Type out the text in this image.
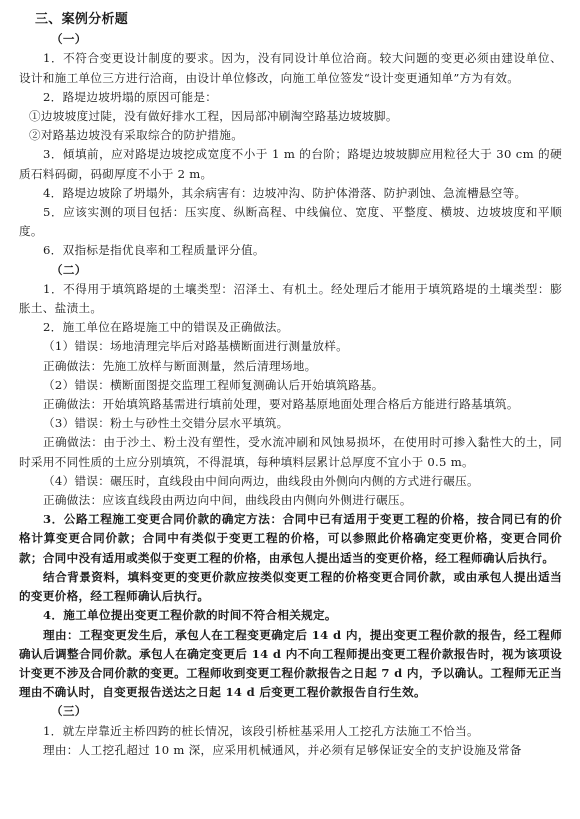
三、案例分析题

（一）

1．不符合变更设计制度的要求。因为，没有同设计单位洽商。较大问题的变更必须由建设单位、设计和施工单位三方进行洽商，由设计单位修改，向施工单位签发“设计变更通知单”方为有效。

2．路堤边坡坍塌的原因可能是：

①边坡坡度过陡，没有做好排水工程，因局部冲刷淘空路基边坡坡脚。

②对路基边坡没有采取综合的防护措施。

3．傾填前，应对路堤边坡挖成宽度不小于 1 m 的台阶；路堤边坡坡脚应用粒径大于 30 cm 的硬质石料码砌，码砌厚度不小于 2 m。

4．路堤边坡除了坍塌外，其余病害有：边坡冲沟、防护体滑落、防护剥蚀、急流槽悬空等。

5．应该实测的项目包括：压实度、纵断高程、中线偏位、宽度、平整度、横坡、边坡坡度和平顺度。

6．双指标是指优良率和工程质量评分值。

（二）

1．不得用于填筑路堤的土壤类型：沼泽土、有机土。经处理后才能用于填筑路堤的土壤类型：膨胀土、盐渍土。

2．施工单位在路堤施工中的错误及正确做法。

（1）错误：场地清理完毕后对路基横断面进行测量放样。

正确做法：先施工放样与断面测量，然后清理场地。

（2）错误：横断面图提交监理工程师复测确认后开始填筑路基。

正确做法：开始填筑路基需进行填前处理，要对路基原地面处理合格后方能进行路基填筑。

（3）错误：粉土与砂性土交错分层水平填筑。

正确做法：由于沙土、粉土没有塑性，受水流冲刷和风蚀易损坏，在使用时可掺入黏性大的土，同时采用不同性质的土应分别填筑，不得混填，每种填料层累计总厚度不宜小于 0.5 m。

（4）错误：碾压时，直线段由中间向两边，曲线段由外侧向内侧的方式进行碾压。

正确做法：应该直线段由两边向中间，曲线段由内侧向外侧进行碾压。

3．公路工程施工变更合同价款的确定方法：合同中已有适用于变更工程的价格，按合同已有的价格计算变更合同价款；合同中有类似于变更工程的价格，可以参照此价格确定变更价格，变更合同价款；合同中没有适用或类似于变更工程的价格，由承包人提出适当的变更价格，经工程师确认后执行。

结合背景资料，填料变更的变更价款应按类似变更工程的价格变更合同价款，或由承包人提出适当的变更价格，经工程师确认后执行。

4．施工单位提出变更工程价款的时间不符合相关规定。

理由：工程变更发生后，承包人在工程变更确定后 14 d 内，提出变更工程价款的报告，经工程师确认后调整合同价款。承包人在确定变更后 14 d 内不向工程师提出变更工程价款报告时，视为该项设计变更不涉及合同价款的变更。工程师收到变更工程价款报告之日起 7 d 内，予以确认。工程师无正当理由不确认时，自变更报告送达之日起 14 d 后变更工程价款报告自行生效。

（三）

1．就左岸靠近主桥四跨的桩长情况，该段引桥桩基采用人工挖孔方法施工不恰当。

理由：人工挖孔超过 10 m 深，应采用机械通风，并必须有足够保证安全的支护设施及常备
